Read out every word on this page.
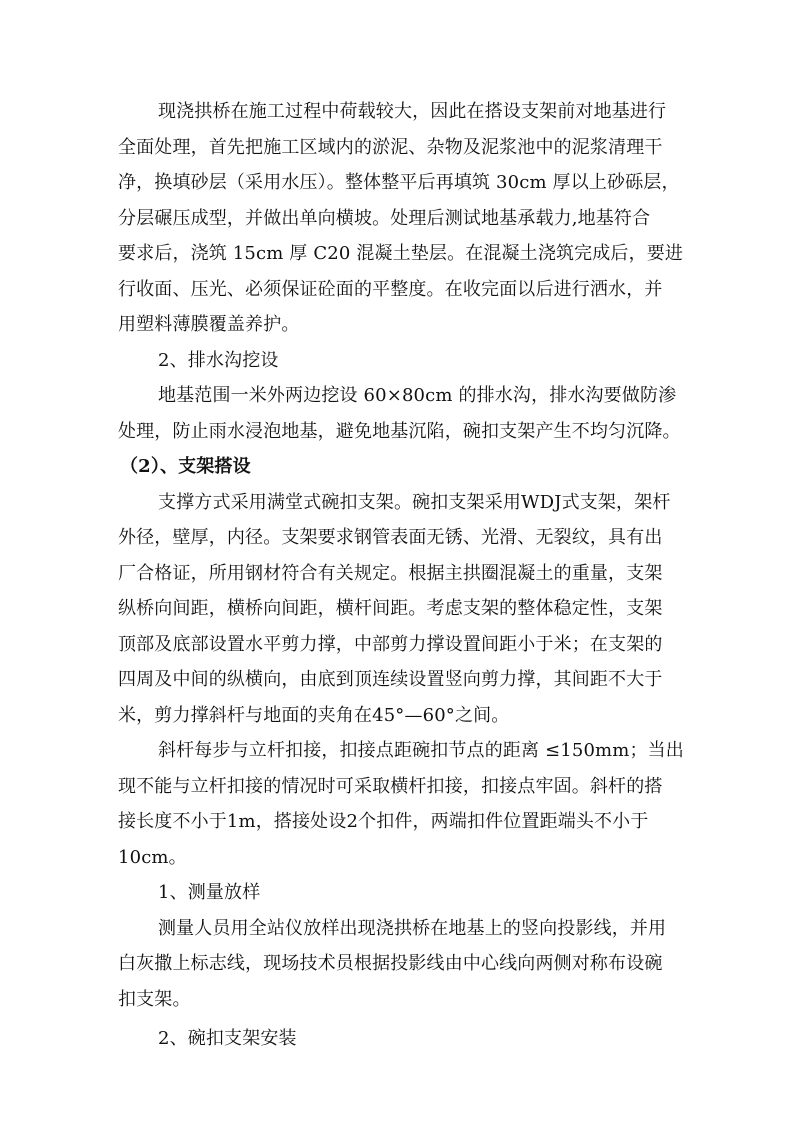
现浇拱桥在施工过程中荷载较大，因此在搭设支架前对地基进行
全面处理，首先把施工区域内的淤泥、杂物及泥浆池中的泥浆清理干
净，换填砂层（采用水压）。整体整平后再填筑 30cm 厚以上砂砾层，
分层碾压成型，并做出单向横坡。处理后测试地基承载力,地基符合
要求后，浇筑 15cm 厚 C20 混凝土垫层。在混凝土浇筑完成后，要进
行收面、压光、必须保证砼面的平整度。在收完面以后进行洒水，并
用塑料薄膜覆盖养护。
2、排水沟挖设
地基范围一米外两边挖设 60×80cm 的排水沟，排水沟要做防渗
处理，防止雨水浸泡地基，避免地基沉陷，碗扣支架产生不均匀沉降。
（2）、支架搭设
支撑方式采用满堂式碗扣支架。碗扣支架采用WDJ式支架，架杆
外径，壁厚，内径。支架要求钢管表面无锈、光滑、无裂纹，具有出
厂合格证，所用钢材符合有关规定。根据主拱圈混凝土的重量，支架
纵桥向间距，横桥向间距，横杆间距。考虑支架的整体稳定性，支架
顶部及底部设置水平剪力撑，中部剪力撑设置间距小于米；在支架的
四周及中间的纵横向，由底到顶连续设置竖向剪力撑，其间距不大于
米，剪力撑斜杆与地面的夹角在45°—60°之间。
斜杆每步与立杆扣接，扣接点距碗扣节点的距离 ≤150mm；当出
现不能与立杆扣接的情况时可采取横杆扣接，扣接点牢固。斜杆的搭
接长度不小于1m，搭接处设2个扣件，两端扣件位置距端头不小于
10cm。
1、测量放样
测量人员用全站仪放样出现浇拱桥在地基上的竖向投影线，并用
白灰撒上标志线，现场技术员根据投影线由中心线向两侧对称布设碗
扣支架。
2、碗扣支架安装
